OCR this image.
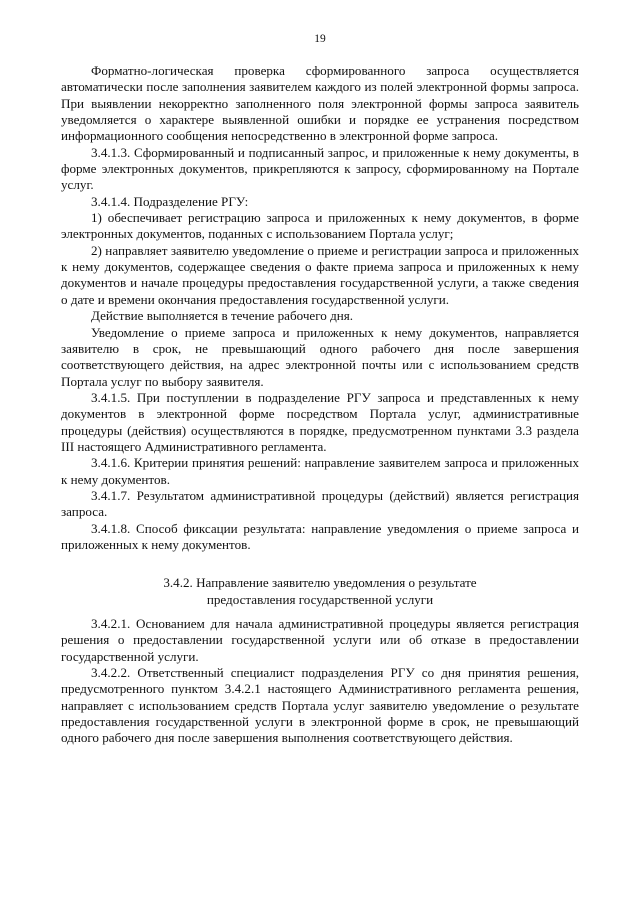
19

Форматно-логическая проверка сформированного запроса осуществляется автоматически после заполнения заявителем каждого из полей электронной формы запроса. При выявлении некорректно заполненного поля электронной формы запроса заявитель уведомляется о характере выявленной ошибки и порядке ее устранения посредством информационного сообщения непосредственно в электронной форме запроса.

3.4.1.3. Сформированный и подписанный запрос, и приложенные к нему документы, в форме электронных документов, прикрепляются к запросу, сформированному на Портале услуг.

3.4.1.4. Подразделение РГУ:

1) обеспечивает регистрацию запроса и приложенных к нему документов, в форме электронных документов, поданных с использованием Портала услуг;

2) направляет заявителю уведомление о приеме и регистрации запроса и приложенных к нему документов, содержащее сведения о факте приема запроса и приложенных к нему документов и начале процедуры предоставления государственной услуги, а также сведения о дате и времени окончания предоставления государственной услуги.

Действие выполняется в течение рабочего дня.

Уведомление о приеме запроса и приложенных к нему документов, направляется заявителю в срок, не превышающий одного рабочего дня после завершения соответствующего действия, на адрес электронной почты или с использованием средств Портала услуг по выбору заявителя.

3.4.1.5. При поступлении в подразделение РГУ запроса и представленных к нему документов в электронной форме посредством Портала услуг, административные процедуры (действия) осуществляются в порядке, предусмотренном пунктами 3.3 раздела III настоящего Административного регламента.

3.4.1.6. Критерии принятия решений: направление заявителем запроса и приложенных к нему документов.

3.4.1.7. Результатом административной процедуры (действий) является регистрация запроса.

3.4.1.8. Способ фиксации результата: направление уведомления о приеме запроса и приложенных к нему документов.

3.4.2. Направление заявителю уведомления о результате
предоставления государственной услуги

3.4.2.1. Основанием для начала административной процедуры является регистрация решения о предоставлении государственной услуги или об отказе в предоставлении государственной услуги.

3.4.2.2. Ответственный специалист подразделения РГУ со дня принятия решения, предусмотренного пунктом 3.4.2.1 настоящего Административного регламента решения, направляет с использованием средств Портала услуг заявителю уведомление о результате предоставления государственной услуги в электронной форме в срок, не превышающий одного рабочего дня после завершения выполнения соответствующего действия.
